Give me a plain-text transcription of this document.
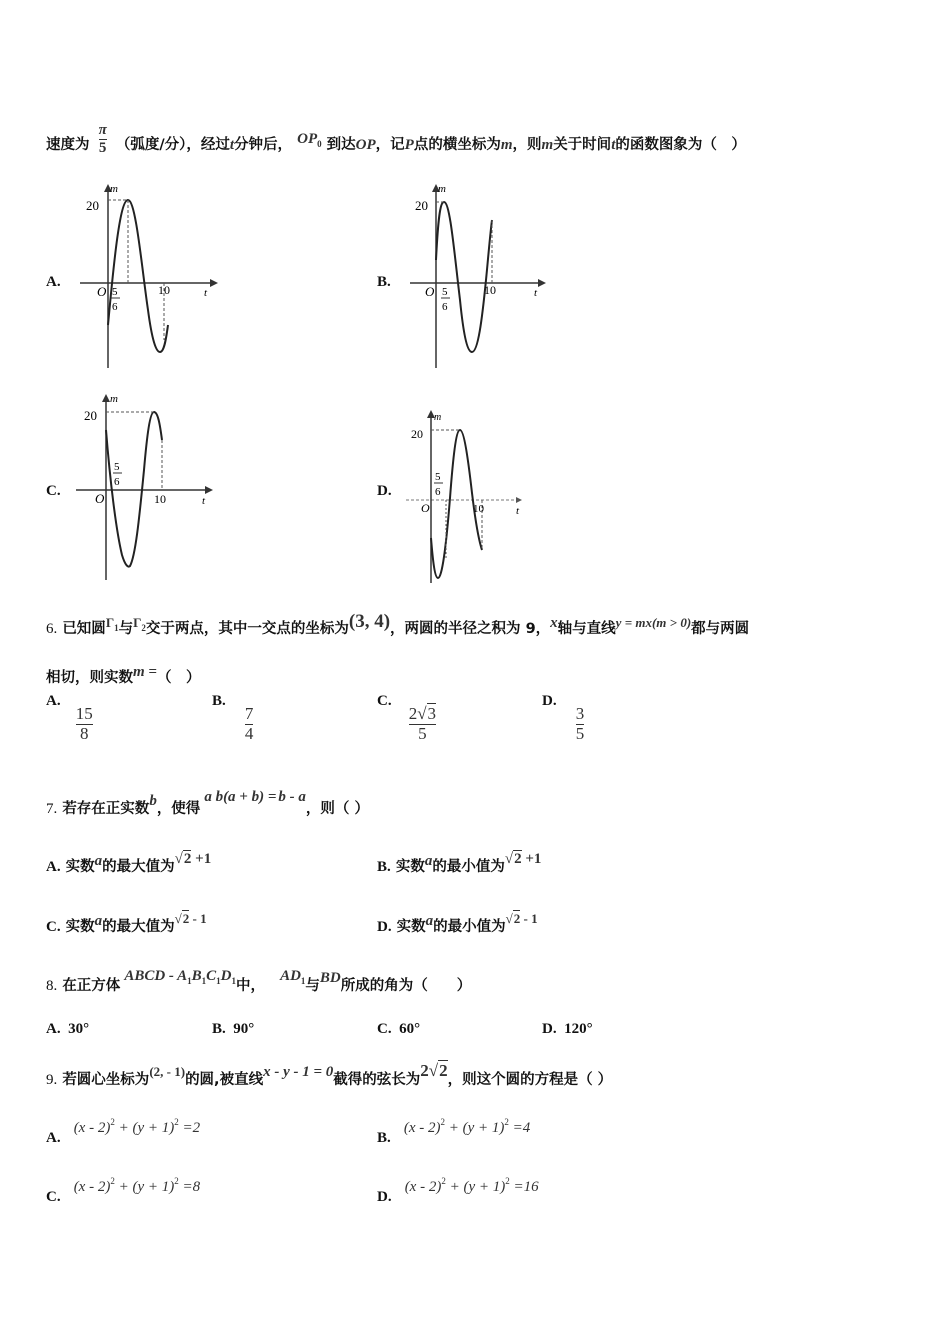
速度为 $\frac{\pi}{5}$ （弧度/分），经过t分钟后， $OP_0$ 到达OP，记P点的横坐标为m，则m关于时间t的函数图象为（　）
A.	B.
C.	D.
m
t
20
O 5
6
10
m
t
20
O 5
6
10
m
t
20
O
5
6
10
m
t
20
O
5
6
10
6. 已知圆$\Gamma_1$与$\Gamma_2$交于两点，其中一交点的坐标为(3, 4)，两圆的半径之积为 9，x轴与直线y = mx(m > 0)都与两圆
相切，则实数m =（　）
A.
$\frac{15}{8}$
B.
$\frac{7}{4}$
C.
$\frac{2√3}{5}$
D.
$\frac{3}{5}$
7. 若存在正实数b，使得a b(a + b) = b - a，则（ ）
A. 实数a的最大值为√2 +1	B. 实数a的最小值为√2 +1
C. 实数a的最大值为√2 - 1
D. 实数a的最小值为√2 - 1
8. 在正方体ABCD - $A_1B_1C_1D_1$中， $AD_1$与BD所成的角为（　　）
A. 30°	B. 90°	C. 60°	D. 120°
9. 若圆心坐标为(2, - 1)的圆,被直线x - y - 1 = 0截得的弦长为2√2，则这个圆的方程是（ ）
A. $(x - 2)^2 + (y + 1)^2 =2$
B. $(x - 2)^2 + (y + 1)^2 =4$
C. $(x - 2)^2 + (y + 1)^2 =8$
D. $(x - 2)^2 + (y + 1)^2 =16$
